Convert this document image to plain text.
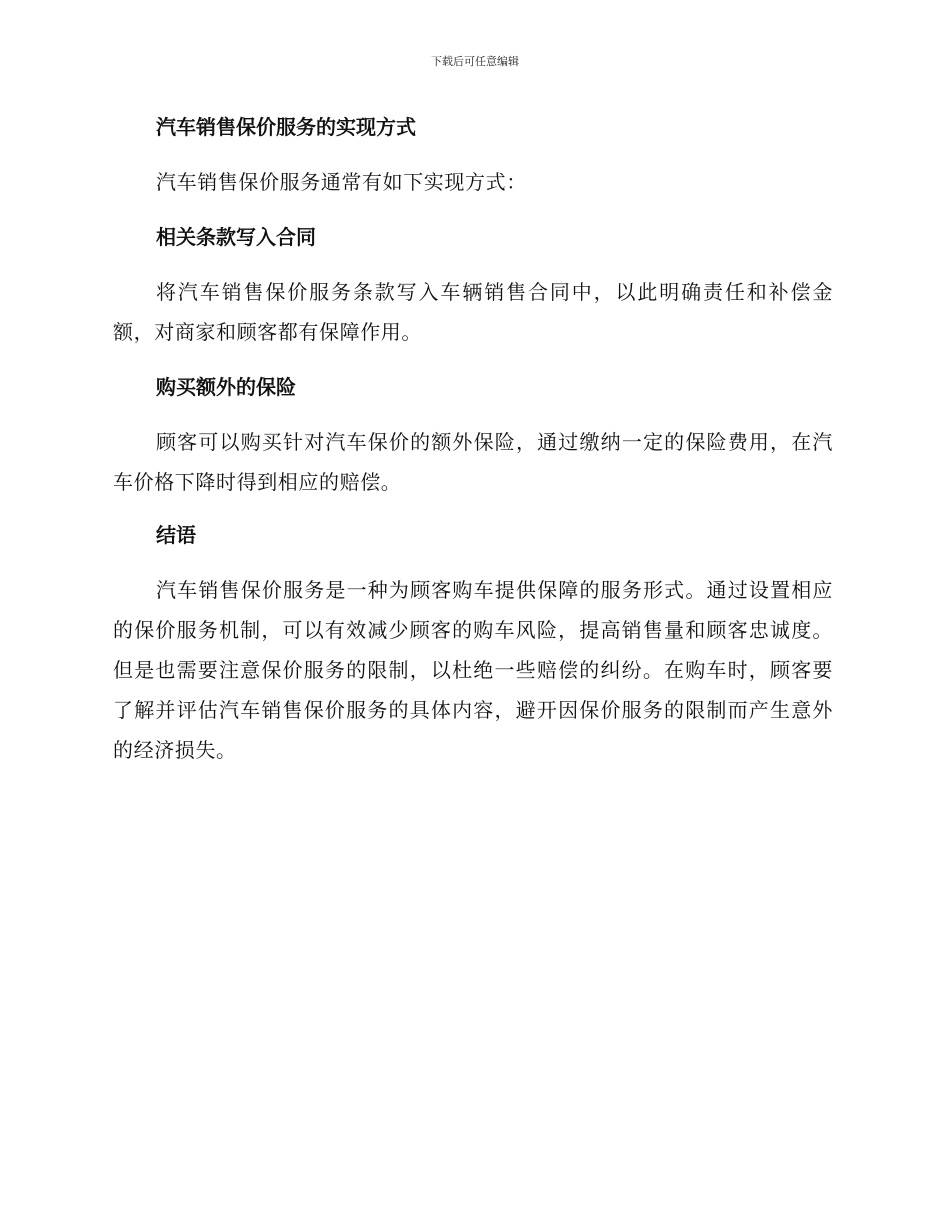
下载后可任意编辑
汽车销售保价服务的实现方式

汽车销售保价服务通常有如下实现方式：

相关条款写入合同

将汽车销售保价服务条款写入车辆销售合同中，以此明确责任和补偿金额，对商家和顾客都有保障作用。

购买额外的保险

顾客可以购买针对汽车保价的额外保险，通过缴纳一定的保险费用，在汽车价格下降时得到相应的赔偿。

结语

汽车销售保价服务是一种为顾客购车提供保障的服务形式。通过设置相应的保价服务机制，可以有效减少顾客的购车风险，提高销售量和顾客忠诚度。但是也需要注意保价服务的限制，以杜绝一些赔偿的纠纷。在购车时，顾客要了解并评估汽车销售保价服务的具体内容，避开因保价服务的限制而产生意外的经济损失。
